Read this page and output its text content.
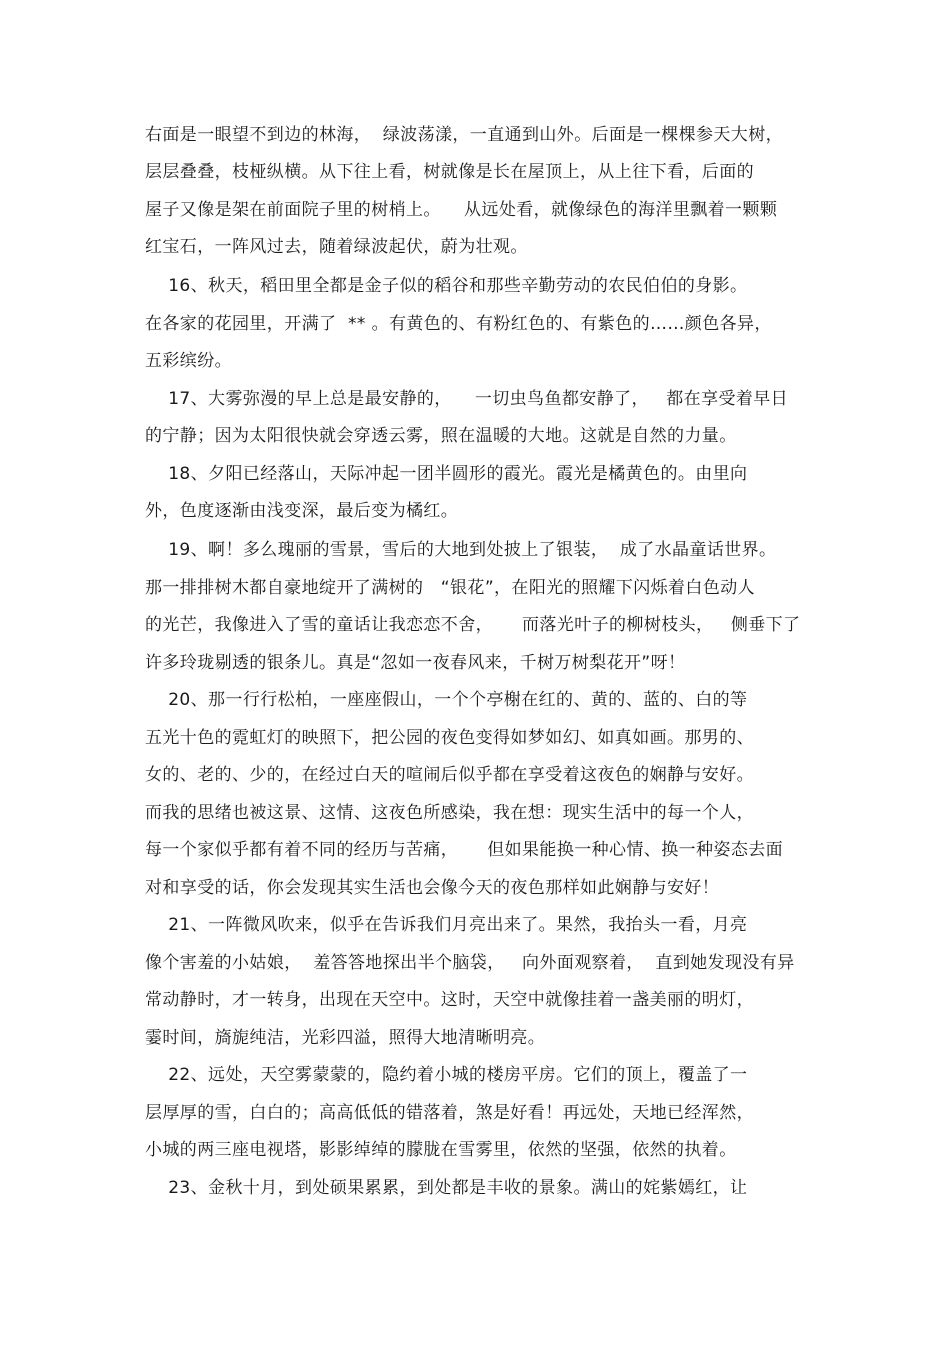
右面是一眼望不到边的林海，  绿波荡漾，一直通到山外。后面是一棵棵参天大树，
层层叠叠，枝桠纵横。从下往上看，树就像是长在屋顶上，从上往下看，后面的
屋子又像是架在前面院子里的树梢上。    从远处看，就像绿色的海洋里飘着一颗颗
红宝石，一阵风过去，随着绿波起伏，蔚为壮观。
16、秋天，稻田里全都是金子似的稻谷和那些辛勤劳动的农民伯伯的身影。
在各家的花园里，开满了  ** 。有黄色的、有粉红色的、有紫色的……颜色各异，
五彩缤纷。
17、大雾弥漫的早上总是最安静的，    一切虫鸟鱼都安静了，   都在享受着早日
的宁静；因为太阳很快就会穿透云雾，照在温暖的大地。这就是自然的力量。
18、夕阳已经落山，天际冲起一团半圆形的霞光。霞光是橘黄色的。由里向
外，色度逐渐由浅变深，最后变为橘红。
19、啊！多么瑰丽的雪景，雪后的大地到处披上了银装，  成了水晶童话世界。
那一排排树木都自豪地绽开了满树的   “银花”，在阳光的照耀下闪烁着白色动人
的光芒，我像进入了雪的童话让我恋恋不舍，     而落光叶子的柳树枝头，   侧垂下了
许多玲珑剔透的银条儿。真是“忽如一夜春风来，千树万树梨花开”呀！
20、那一行行松柏，一座座假山，一个个亭榭在红的、黄的、蓝的、白的等
五光十色的霓虹灯的映照下，把公园的夜色变得如梦如幻、如真如画。那男的、
女的、老的、少的，在经过白天的喧闹后似乎都在享受着这夜色的娴静与安好。
而我的思绪也被这景、这情、这夜色所感染，我在想：现实生活中的每一个人，
每一个家似乎都有着不同的经历与苦痛，     但如果能换一种心情、换一种姿态去面
对和享受的话，你会发现其实生活也会像今天的夜色那样如此娴静与安好！
21、一阵微风吹来，似乎在告诉我们月亮出来了。果然，我抬头一看，月亮
像个害羞的小姑娘，  羞答答地探出半个脑袋，   向外面观察着，  直到她发现没有异
常动静时，才一转身，出现在天空中。这时，天空中就像挂着一盏美丽的明灯，
霎时间，旖旎纯洁，光彩四溢，照得大地清晰明亮。
22、远处，天空雾蒙蒙的，隐约着小城的楼房平房。它们的顶上，覆盖了一
层厚厚的雪，白白的；高高低低的错落着，煞是好看！再远处，天地已经浑然，
小城的两三座电视塔，影影绰绰的朦胧在雪雾里，依然的坚强，依然的执着。
23、金秋十月，到处硕果累累，到处都是丰收的景象。满山的姹紫嫣红，让
